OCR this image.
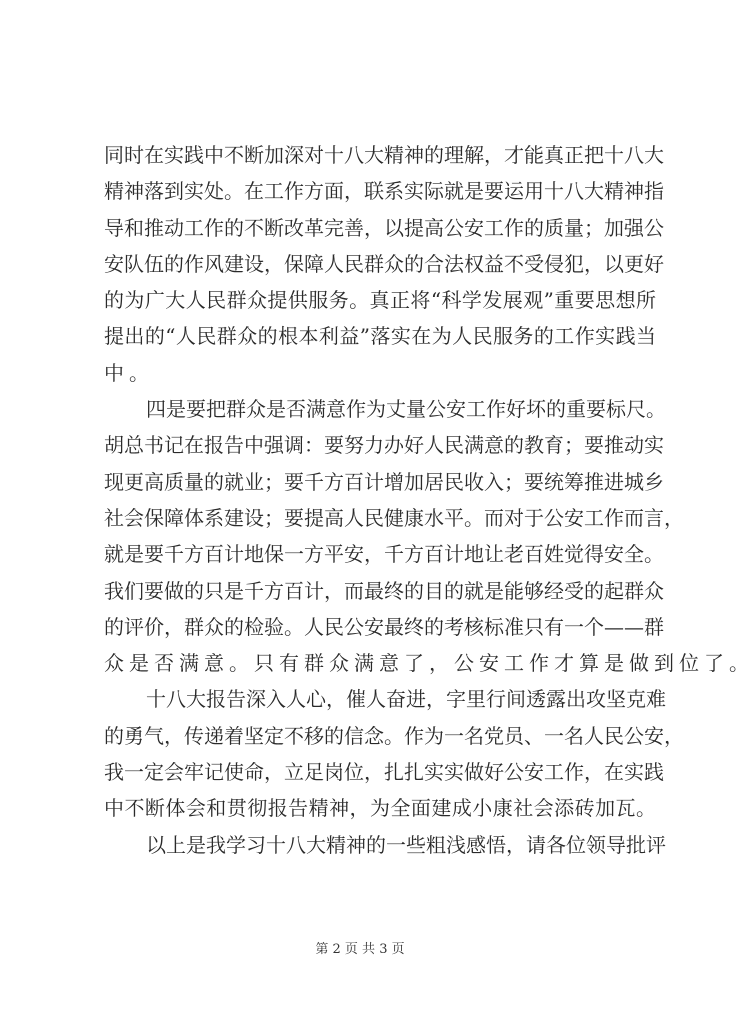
同时在实践中不断加深对十八大精神的理解，才能真正把十八大
精神落到实处。在工作方面，联系实际就是要运用十八大精神指
导和推动工作的不断改革完善，以提高公安工作的质量；加强公
安队伍的作风建设，保障人民群众的合法权益不受侵犯，以更好
的为广大人民群众提供服务。真正将“科学发展观”重要思想所
提出的“人民群众的根本利益”落实在为人民服务的工作实践当
中。
四是要把群众是否满意作为丈量公安工作好坏的重要标尺。
胡总书记在报告中强调：要努力办好人民满意的教育；要推动实
现更高质量的就业；要千方百计增加居民收入；要统筹推进城乡
社会保障体系建设；要提高人民健康水平。而对于公安工作而言，
就是要千方百计地保一方平安，千方百计地让老百姓觉得安全。
我们要做的只是千方百计，而最终的目的就是能够经受的起群众
的评价，群众的检验。人民公安最终的考核标准只有一个——群
众是否满意。只有群众满意了，公安工作才算是做到位了。
十八大报告深入人心，催人奋进，字里行间透露出攻坚克难
的勇气，传递着坚定不移的信念。作为一名党员、一名人民公安，
我一定会牢记使命，立足岗位，扎扎实实做好公安工作，在实践
中不断体会和贯彻报告精神，为全面建成小康社会添砖加瓦。
以上是我学习十八大精神的一些粗浅感悟，请各位领导批评
第 2 页 共 3 页
